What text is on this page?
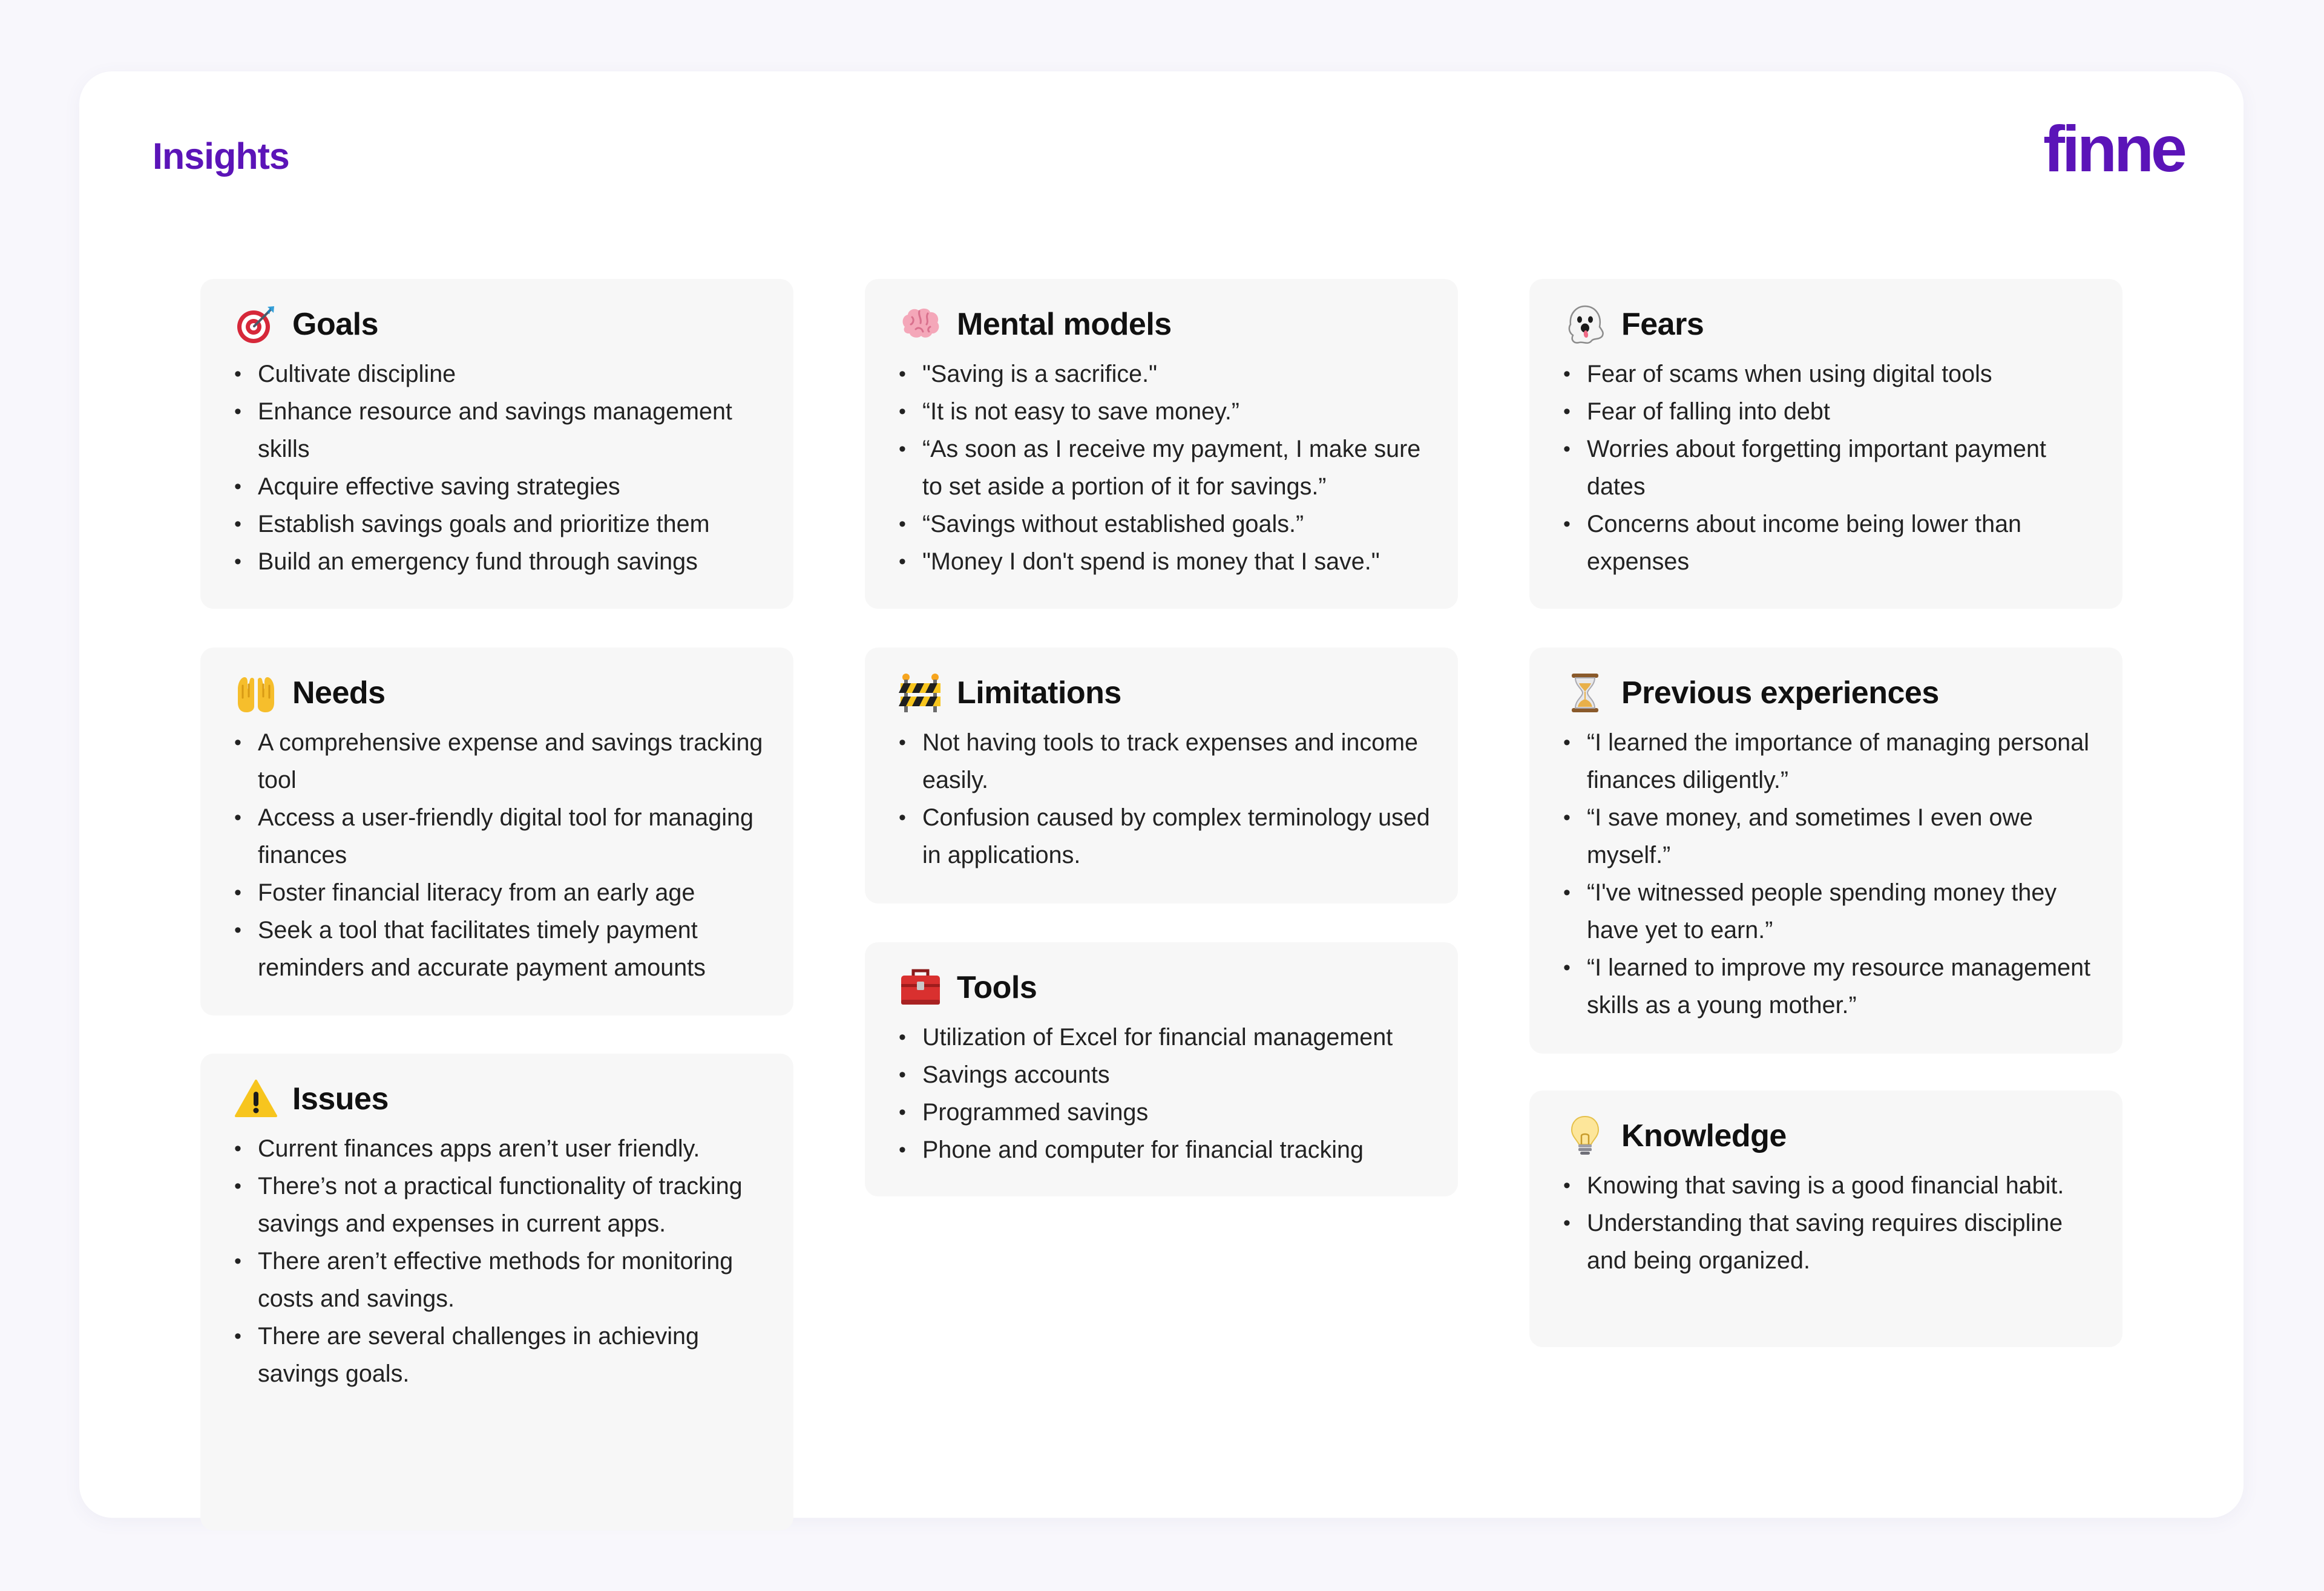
Insights	finne
Goals
• Cultivate discipline
• Enhance resource and savings management skills
• Acquire effective saving strategies
• Establish savings goals and prioritize them
• Build an emergency fund through savings
Needs
• A comprehensive expense and savings tracking tool
• Access a user-friendly digital tool for managing finances
• Foster financial literacy from an early age
• Seek a tool that facilitates timely payment reminders and accurate payment amounts
Issues
• Current finances apps aren’t user friendly.
• There’s not a practical functionality of tracking savings and expenses in current apps.
• There aren’t effective methods for monitoring costs and savings.
• There are several challenges in achieving savings goals.
Mental models
• "Saving is a sacrifice."
• “It is not easy to save money.”
• “As soon as I receive my payment, I make sure to set aside a portion of it for savings.”
• “Savings without established goals.”
• "Money I don't spend is money that I save."
Limitations
• Not having tools to track expenses and income easily.
• Confusion caused by complex terminology used in applications.
Tools
• Utilization of Excel for financial management
• Savings accounts
• Programmed savings
• Phone and computer for financial tracking
Fears
• Fear of scams when using digital tools
• Fear of falling into debt
• Worries about forgetting important payment dates
• Concerns about income being lower than expenses
Previous experiences
• “I learned the importance of managing personal finances diligently.”
• “I save money, and sometimes I even owe myself.”
• “I've witnessed people spending money they have yet to earn.”
• “I learned to improve my resource management skills as a young mother.”
Knowledge
• Knowing that saving is a good financial habit.
• Understanding that saving requires discipline and being organized.
